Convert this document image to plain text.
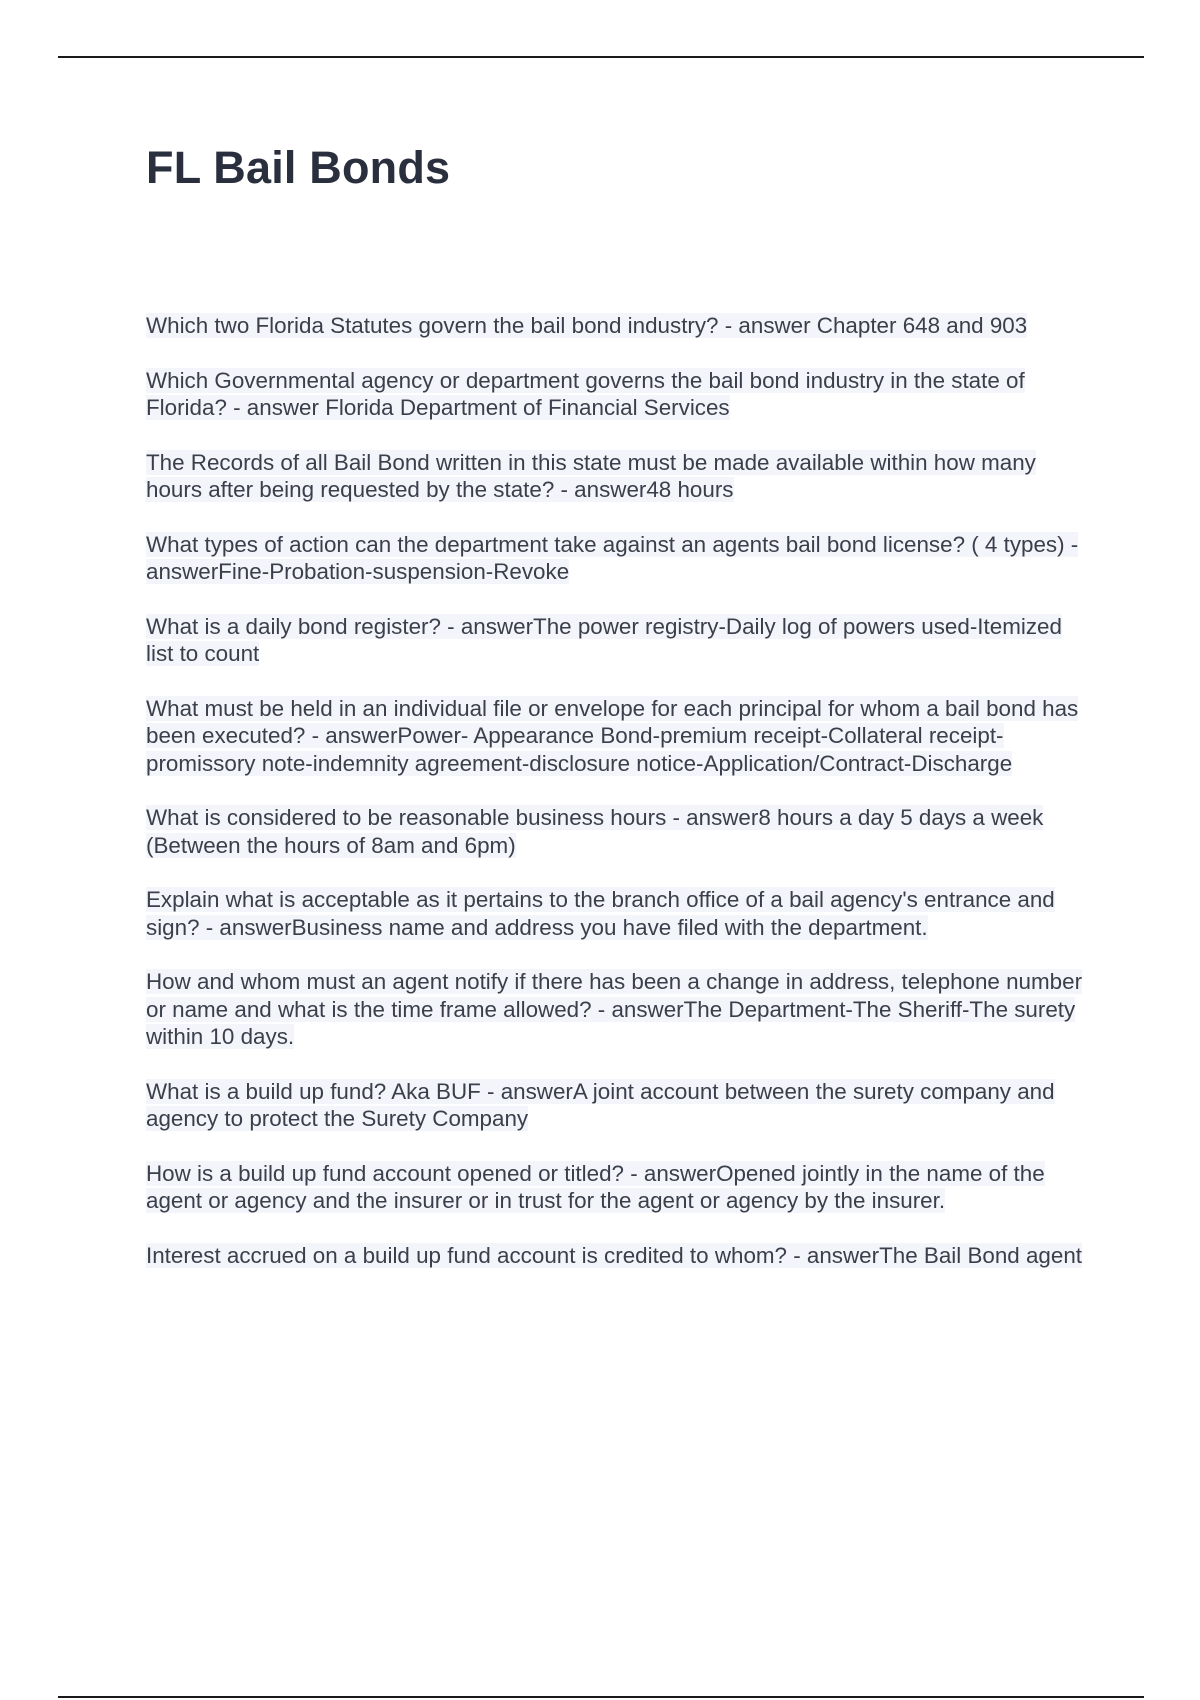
FL Bail Bonds
Which two Florida Statutes govern the bail bond industry? - answer Chapter 648 and 903
Which Governmental agency or department governs the bail bond industry in the state of Florida? - answer Florida Department of Financial Services
The Records of all Bail Bond written in this state must be made available within how many hours after being requested by the state? - answer48 hours
What types of action can the department take against an agents bail bond license? ( 4 types) - answerFine-Probation-suspension-Revoke
What is a daily bond register? - answerThe power registry-Daily log of powers used-Itemized list to count
What must be held in an individual file or envelope for each principal for whom a bail bond has been executed? - answerPower- Appearance Bond-premium receipt-Collateral receipt-promissory note-indemnity agreement-disclosure notice-Application/Contract-Discharge
What is considered to be reasonable business hours - answer8 hours a day 5 days a week (Between the hours of 8am and 6pm)
Explain what is acceptable as it pertains to the branch office of a bail agency's entrance and sign? - answerBusiness name and address you have filed with the department.
How and whom must an agent notify if there has been a change in address, telephone number or name and what is the time frame allowed? - answerThe Department-The Sheriff-The surety within 10 days.
What is a build up fund? Aka BUF - answerA joint account between the surety company and agency to protect the Surety Company
How is a build up fund account opened or titled? - answerOpened jointly in the name of the agent or agency and the insurer or in trust for the agent or agency by the insurer.
Interest accrued on a build up fund account is credited to whom? - answerThe Bail Bond agent
